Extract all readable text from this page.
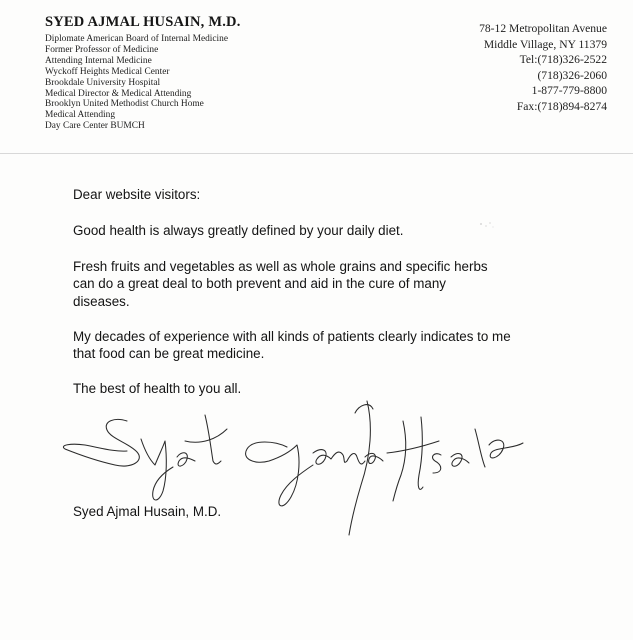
SYED AJMAL HUSAIN, M.D.
Diplomate American Board of Internal Medicine
Former Professor of Medicine
Attending Internal Medicine
Wyckoff Heights Medical Center
Brookdale University Hospital
Medical Director & Medical Attending
Brooklyn United Methodist Church Home
Medical Attending
Day Care Center BUMCH
78-12 Metropolitan Avenue
Middle Village, NY 11379
Tel:(718)326-2522
(718)326-2060
1-877-779-8800
Fax:(718)894-8274

Dear website visitors:

Good health is always greatly defined by your daily diet.

Fresh fruits and vegetables as well as whole grains and specific herbs can do a great deal to both prevent and aid in the cure of many diseases.

My decades of experience with all kinds of patients clearly indicates to me that food can be great medicine.

The best of health to you all.

Syed Ajmal Husain, M.D.
